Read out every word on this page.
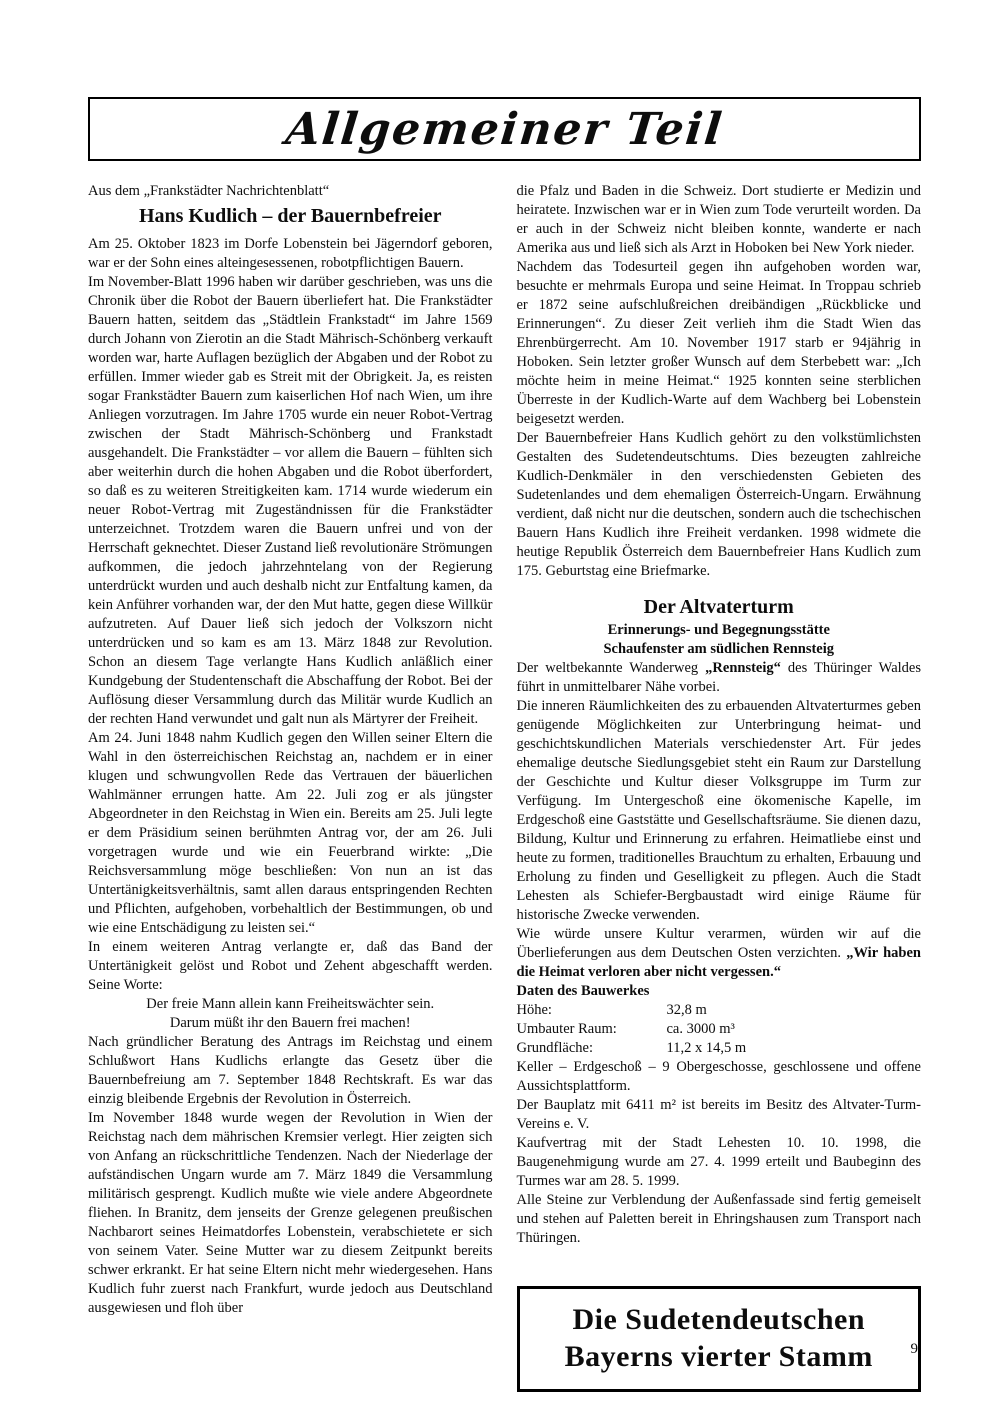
Allgemeiner Teil

Aus dem „Frankstädter Nachrichtenblatt“

Hans Kudlich – der Bauernbefreier

Am 25. Oktober 1823 im Dorfe Lobenstein bei Jägerndorf geboren, war er der Sohn eines alteingesessenen, robotpflichtigen Bauern.

Im November-Blatt 1996 haben wir darüber geschrieben, was uns die Chronik über die Robot der Bauern überliefert hat. Die Frankstädter Bauern hatten, seitdem das „Städtlein Frankstadt“ im Jahre 1569 durch Johann von Zierotin an die Stadt Mährisch-Schönberg verkauft worden war, harte Auflagen bezüglich der Abgaben und der Robot zu erfüllen. Immer wieder gab es Streit mit der Obrigkeit. Ja, es reisten sogar Frankstädter Bauern zum kaiserlichen Hof nach Wien, um ihre Anliegen vorzutragen. Im Jahre 1705 wurde ein neuer Robot-Vertrag zwischen der Stadt Mährisch-Schönberg und Frankstadt ausgehandelt. Die Frankstädter – vor allem die Bauern – fühlten sich aber weiterhin durch die hohen Abgaben und die Robot überfordert, so daß es zu weiteren Streitigkeiten kam. 1714 wurde wiederum ein neuer Robot-Vertrag mit Zugeständnissen für die Frankstädter unterzeichnet. Trotzdem waren die Bauern unfrei und von der Herrschaft geknechtet. Dieser Zustand ließ revolutionäre Strömungen aufkommen, die jedoch jahrzehntelang von der Regierung unterdrückt wurden und auch deshalb nicht zur Entfaltung kamen, da kein Anführer vorhanden war, der den Mut hatte, gegen diese Willkür aufzutreten. Auf Dauer ließ sich jedoch der Volkszorn nicht unterdrücken und so kam es am 13. März 1848 zur Revolution. Schon an diesem Tage verlangte Hans Kudlich anläßlich einer Kundgebung der Studentenschaft die Abschaffung der Robot. Bei der Auflösung dieser Versammlung durch das Militär wurde Kudlich an der rechten Hand verwundet und galt nun als Märtyrer der Freiheit.

Am 24. Juni 1848 nahm Kudlich gegen den Willen seiner Eltern die Wahl in den österreichischen Reichstag an, nachdem er in einer klugen und schwungvollen Rede das Vertrauen der bäuerlichen Wahlmänner errungen hatte. Am 22. Juli zog er als jüngster Abgeordneter in den Reichstag in Wien ein. Bereits am 25. Juli legte er dem Präsidium seinen berühmten Antrag vor, der am 26. Juli vorgetragen wurde und wie ein Feuerbrand wirkte: „Die Reichsversammlung möge beschließen: Von nun an ist das Untertänigkeitsverhältnis, samt allen daraus entspringenden Rechten und Pflichten, aufgehoben, vorbehaltlich der Bestimmungen, ob und wie eine Entschädigung zu leisten sei.“

In einem weiteren Antrag verlangte er, daß das Band der Untertänigkeit gelöst und Robot und Zehent abgeschafft werden. Seine Worte:

Der freie Mann allein kann Freiheitswächter sein.

Darum müßt ihr den Bauern frei machen!

Nach gründlicher Beratung des Antrags im Reichstag und einem Schlußwort Hans Kudlichs erlangte das Gesetz über die Bauernbefreiung am 7. September 1848 Rechtskraft. Es war das einzig bleibende Ergebnis der Revolution in Österreich.

Im November 1848 wurde wegen der Revolution in Wien der Reichstag nach dem mährischen Kremsier verlegt. Hier zeigten sich von Anfang an rückschrittliche Tendenzen. Nach der Niederlage der aufständischen Ungarn wurde am 7. März 1849 die Versammlung militärisch gesprengt. Kudlich mußte wie viele andere Abgeordnete fliehen. In Branitz, dem jenseits der Grenze gelegenen preußischen Nachbarort seines Heimatdorfes Lobenstein, verabschietete er sich von seinem Vater. Seine Mutter war zu diesem Zeitpunkt bereits schwer erkrankt. Er hat seine Eltern nicht mehr wiedergesehen. Hans Kudlich fuhr zuerst nach Frankfurt, wurde jedoch aus Deutschland ausgewiesen und floh über

die Pfalz und Baden in die Schweiz. Dort studierte er Medizin und heiratete. Inzwischen war er in Wien zum Tode verurteilt worden. Da er auch in der Schweiz nicht bleiben konnte, wanderte er nach Amerika aus und ließ sich als Arzt in Hoboken bei New York nieder.

Nachdem das Todesurteil gegen ihn aufgehoben worden war, besuchte er mehrmals Europa und seine Heimat. In Troppau schrieb er 1872 seine aufschlußreichen dreibändigen „Rückblicke und Erinnerungen“. Zu dieser Zeit verlieh ihm die Stadt Wien das Ehrenbürgerrecht. Am 10. November 1917 starb er 94jährig in Hoboken. Sein letzter großer Wunsch auf dem Sterbebett war: „Ich möchte heim in meine Heimat.“ 1925 konnten seine sterblichen Überreste in der Kudlich-Warte auf dem Wachberg bei Lobenstein beigesetzt werden.

Der Bauernbefreier Hans Kudlich gehört zu den volkstümlichsten Gestalten des Sudetendeutschtums. Dies bezeugten zahlreiche Kudlich-Denkmäler in den verschiedensten Gebieten des Sudetenlandes und dem ehemaligen Österreich-Ungarn. Erwähnung verdient, daß nicht nur die deutschen, sondern auch die tschechischen Bauern Hans Kudlich ihre Freiheit verdanken. 1998 widmete die heutige Republik Österreich dem Bauernbefreier Hans Kudlich zum 175. Geburtstag eine Briefmarke.

Der Altvaterturm

Erinnerungs- und Begegnungsstätte

Schaufenster am südlichen Rennsteig

Der weltbekannte Wanderweg „Rennsteig“ des Thüringer Waldes führt in unmittelbarer Nähe vorbei.

Die inneren Räumlichkeiten des zu erbauenden Altvaterturmes geben genügende Möglichkeiten zur Unterbringung heimat- und geschichtskundlichen Materials verschiedenster Art. Für jedes ehemalige deutsche Siedlungsgebiet steht ein Raum zur Darstellung der Geschichte und Kultur dieser Volksgruppe im Turm zur Verfügung. Im Untergeschoß eine ökomenische Kapelle, im Erdgeschoß eine Gaststätte und Gesellschaftsräume. Sie dienen dazu, Bildung, Kultur und Erinnerung zu erfahren. Heimatliebe einst und heute zu formen, traditionelles Brauchtum zu erhalten, Erbauung und Erholung zu finden und Geselligkeit zu pflegen. Auch die Stadt Lehesten als Schiefer-Bergbaustadt wird einige Räume für historische Zwecke verwenden.

Wie würde unsere Kultur verarmen, würden wir auf die Überlieferungen aus dem Deutschen Osten verzichten. „Wir haben die Heimat verloren aber nicht vergessen.“

Daten des Bauwerkes

Höhe:	32,8 m
Umbauter Raum:	ca. 3000 m³
Grundfläche:	11,2 x 14,5 m

Keller – Erdgeschoß – 9 Obergeschosse, geschlossene und offene Aussichtsplattform.

Der Bauplatz mit 6411 m² ist bereits im Besitz des Altvater-Turm-Vereins e. V.

Kaufvertrag mit der Stadt Lehesten 10. 10. 1998, die Baugenehmigung wurde am 27. 4. 1999 erteilt und Baubeginn des Turmes war am 28. 5. 1999.

Alle Steine zur Verblendung der Außenfassade sind fertig gemeiselt und stehen auf Paletten bereit in Ehringshausen zum Transport nach Thüringen.

Die Sudetendeutschen
Bayerns vierter Stamm	9
